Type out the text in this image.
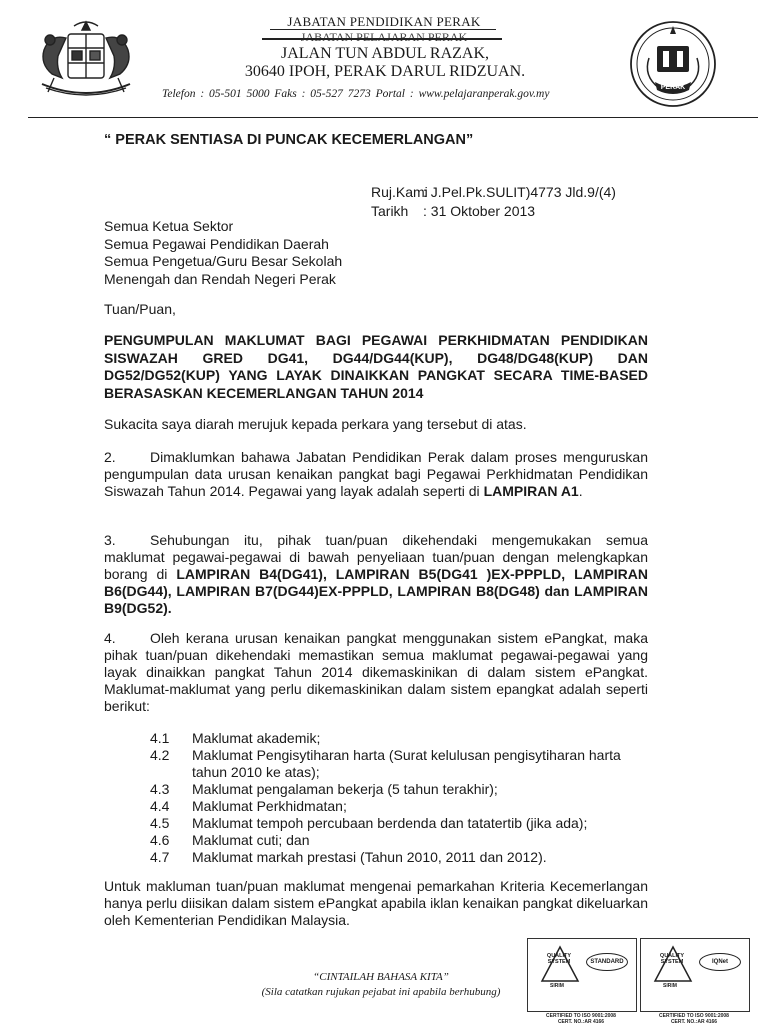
JABATAN PENDIDIKAN PERAK
JABATAN PELAJARAN PERAK
JALAN TUN ABDUL RAZAK,
30640 IPOH, PERAK DARUL RIDZUAN.
Telefon : 05-501 5000 Faks : 05-527 7273 Portal : www.pelajaranperak.gov.my
PERAK
“ PERAK SENTIASA DI PUNCAK KECEMERLANGAN”
Ruj.Kami: J.Pel.Pk.SULIT)4773 Jld.9/(4)
Tarikh : 31 Oktober 2013
Semua Ketua Sektor
Semua Pegawai Pendidikan Daerah
Semua Pengetua/Guru Besar Sekolah
Menengah dan Rendah Negeri Perak
Tuan/Puan,
PENGUMPULAN MAKLUMAT BAGI PEGAWAI PERKHIDMATAN PENDIDIKAN SISWAZAH GRED DG41, DG44/DG44(KUP), DG48/DG48(KUP) DAN DG52/DG52(KUP) YANG LAYAK DINAIKKAN PANGKAT SECARA TIME-BASED BERASASKAN KECEMERLANGAN TAHUN 2014
Sukacita saya diarah merujuk kepada perkara yang tersebut di atas.
2. Dimaklumkan bahawa Jabatan Pendidikan Perak dalam proses menguruskan pengumpulan data urusan kenaikan pangkat bagi Pegawai Perkhidmatan Pendidikan Siswazah Tahun 2014. Pegawai yang layak adalah seperti di LAMPIRAN A1.
3. Sehubungan itu, pihak tuan/puan dikehendaki mengemukakan semua maklumat pegawai-pegawai di bawah penyeliaan tuan/puan dengan melengkapkan borang di LAMPIRAN B4(DG41), LAMPIRAN B5(DG41 )EX-PPPLD, LAMPIRAN B6(DG44), LAMPIRAN B7(DG44)EX-PPPLD, LAMPIRAN B8(DG48) dan LAMPIRAN B9(DG52).
4. Oleh kerana urusan kenaikan pangkat menggunakan sistem ePangkat, maka pihak tuan/puan dikehendaki memastikan semua maklumat pegawai-pegawai yang layak dinaikkan pangkat Tahun 2014 dikemaskinikan di dalam sistem ePangkat. Maklumat-maklumat yang perlu dikemaskinikan dalam sistem epangkat adalah seperti berikut:
4.1	Maklumat akademik;
4.2	Maklumat Pengisytiharan harta (Surat kelulusan pengisytiharan harta tahun 2010 ke atas);
4.3	Maklumat pengalaman bekerja (5 tahun terakhir);
4.4	Maklumat Perkhidmatan;
4.5	Maklumat tempoh percubaan berdenda dan tatatertib (jika ada);
4.6	Maklumat cuti; dan
4.7	Maklumat markah prestasi (Tahun 2010, 2011 dan 2012).
Untuk makluman tuan/puan maklumat mengenai pemarkahan Kriteria Kecemerlangan hanya perlu diisikan dalam sistem ePangkat apabila iklan kenaikan pangkat dikeluarkan oleh Kementerian Pendidikan Malaysia.
“CINTAILAH BAHASA KITA”
(Sila catatkan rujukan pejabat ini apabila berhubung)
QUALITY SYSTEM	STANDARD
SIRIM
CERTIFIED TO ISO 9001:2008
CERT. NO.:AR 4166
QUALITY SYSTEM	IQNet
SIRIM
CERTIFIED TO ISO 9001:2008
CERT. NO.:AR 4166
